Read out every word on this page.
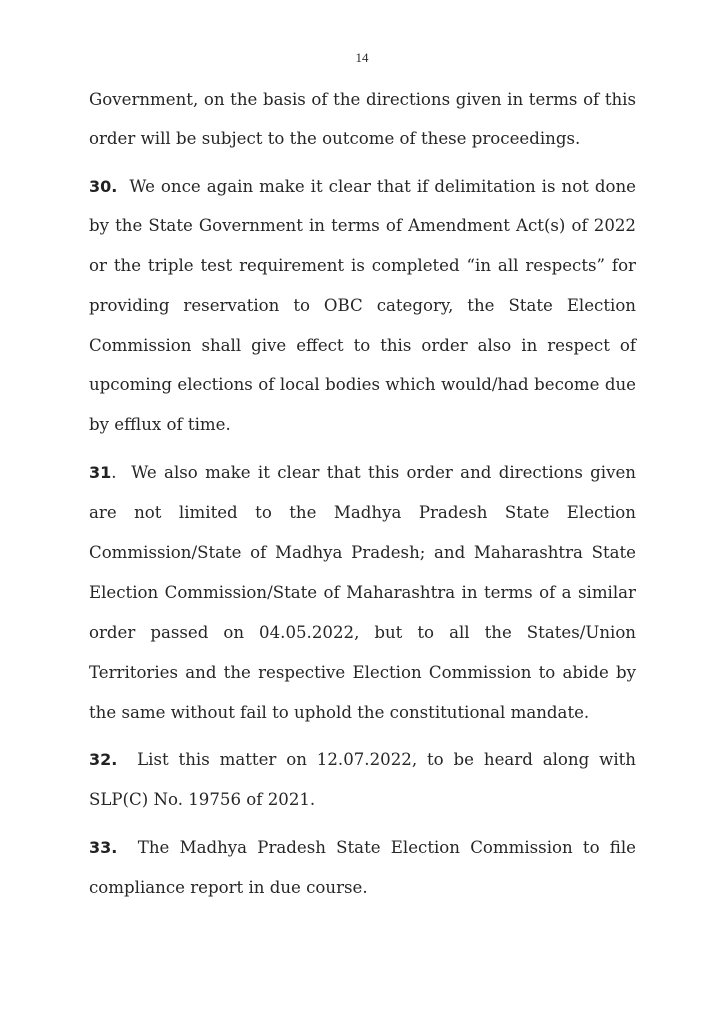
14
Government, on the basis of the directions given in terms of this
order will be subject to the outcome of these proceedings.
30. We once again make it clear that if delimitation is not done
by the State Government in terms of Amendment Act(s) of 2022
or the triple test requirement is completed “in all respects” for
providing reservation to OBC category, the State Election
Commission shall give effect to this order also in respect of
upcoming elections of local bodies which would/had become due
by efflux of time.
31. We also make it clear that this order and directions given
are not limited to the Madhya Pradesh State Election
Commission/State of Madhya Pradesh; and Maharashtra State
Election Commission/State of Maharashtra in terms of a similar
order passed on 04.05.2022, but to all the States/Union
Territories and the respective Election Commission to abide by
the same without fail to uphold the constitutional mandate.
32. List this matter on 12.07.2022, to be heard along with
SLP(C) No. 19756 of 2021.
33. The Madhya Pradesh State Election Commission to file
compliance report in due course.
